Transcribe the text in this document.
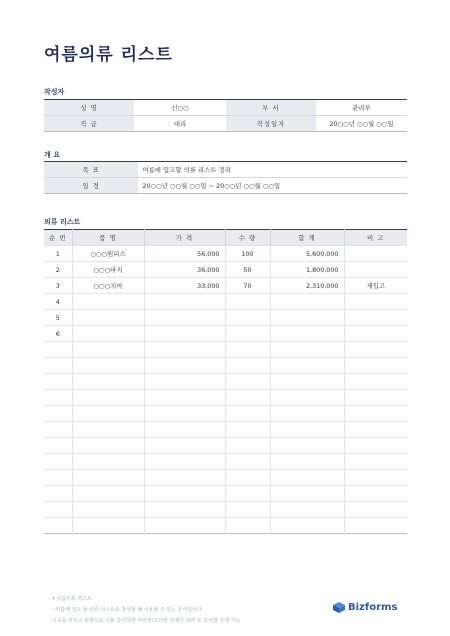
여름의류 리스트
작성자
성 명	신○○	부 서	관리부
직 급	대리	작성일자	20○○년 ○○월 ○○일
개 요
목 표	여름에 입고할 의류 리스트 정리
일 정	20○○년 ○○월 ○○일 ~ 20○○년 ○○월 ○○일
의류 리스트
순 번	품 명	가 격	수 량	합 계	비 고
1	○○○원피스	56,000	100	5,600,000	
2	○○○바지	36,000	50	1,800,000	
3	○○○치마	33,000	70	2,310,000	재입고
4					
5					
6					

• 여름의류 리스트
- 여름에 입고 할 의류 리스트를 작성할 때 사용할 수 있는 문서입니다.
이곳을 마우스 왼쪽으로 더블 클릭하면 머리말/꼬리말 삭제가 되며 또 꼬리말 삭제 가능
Bizforms
